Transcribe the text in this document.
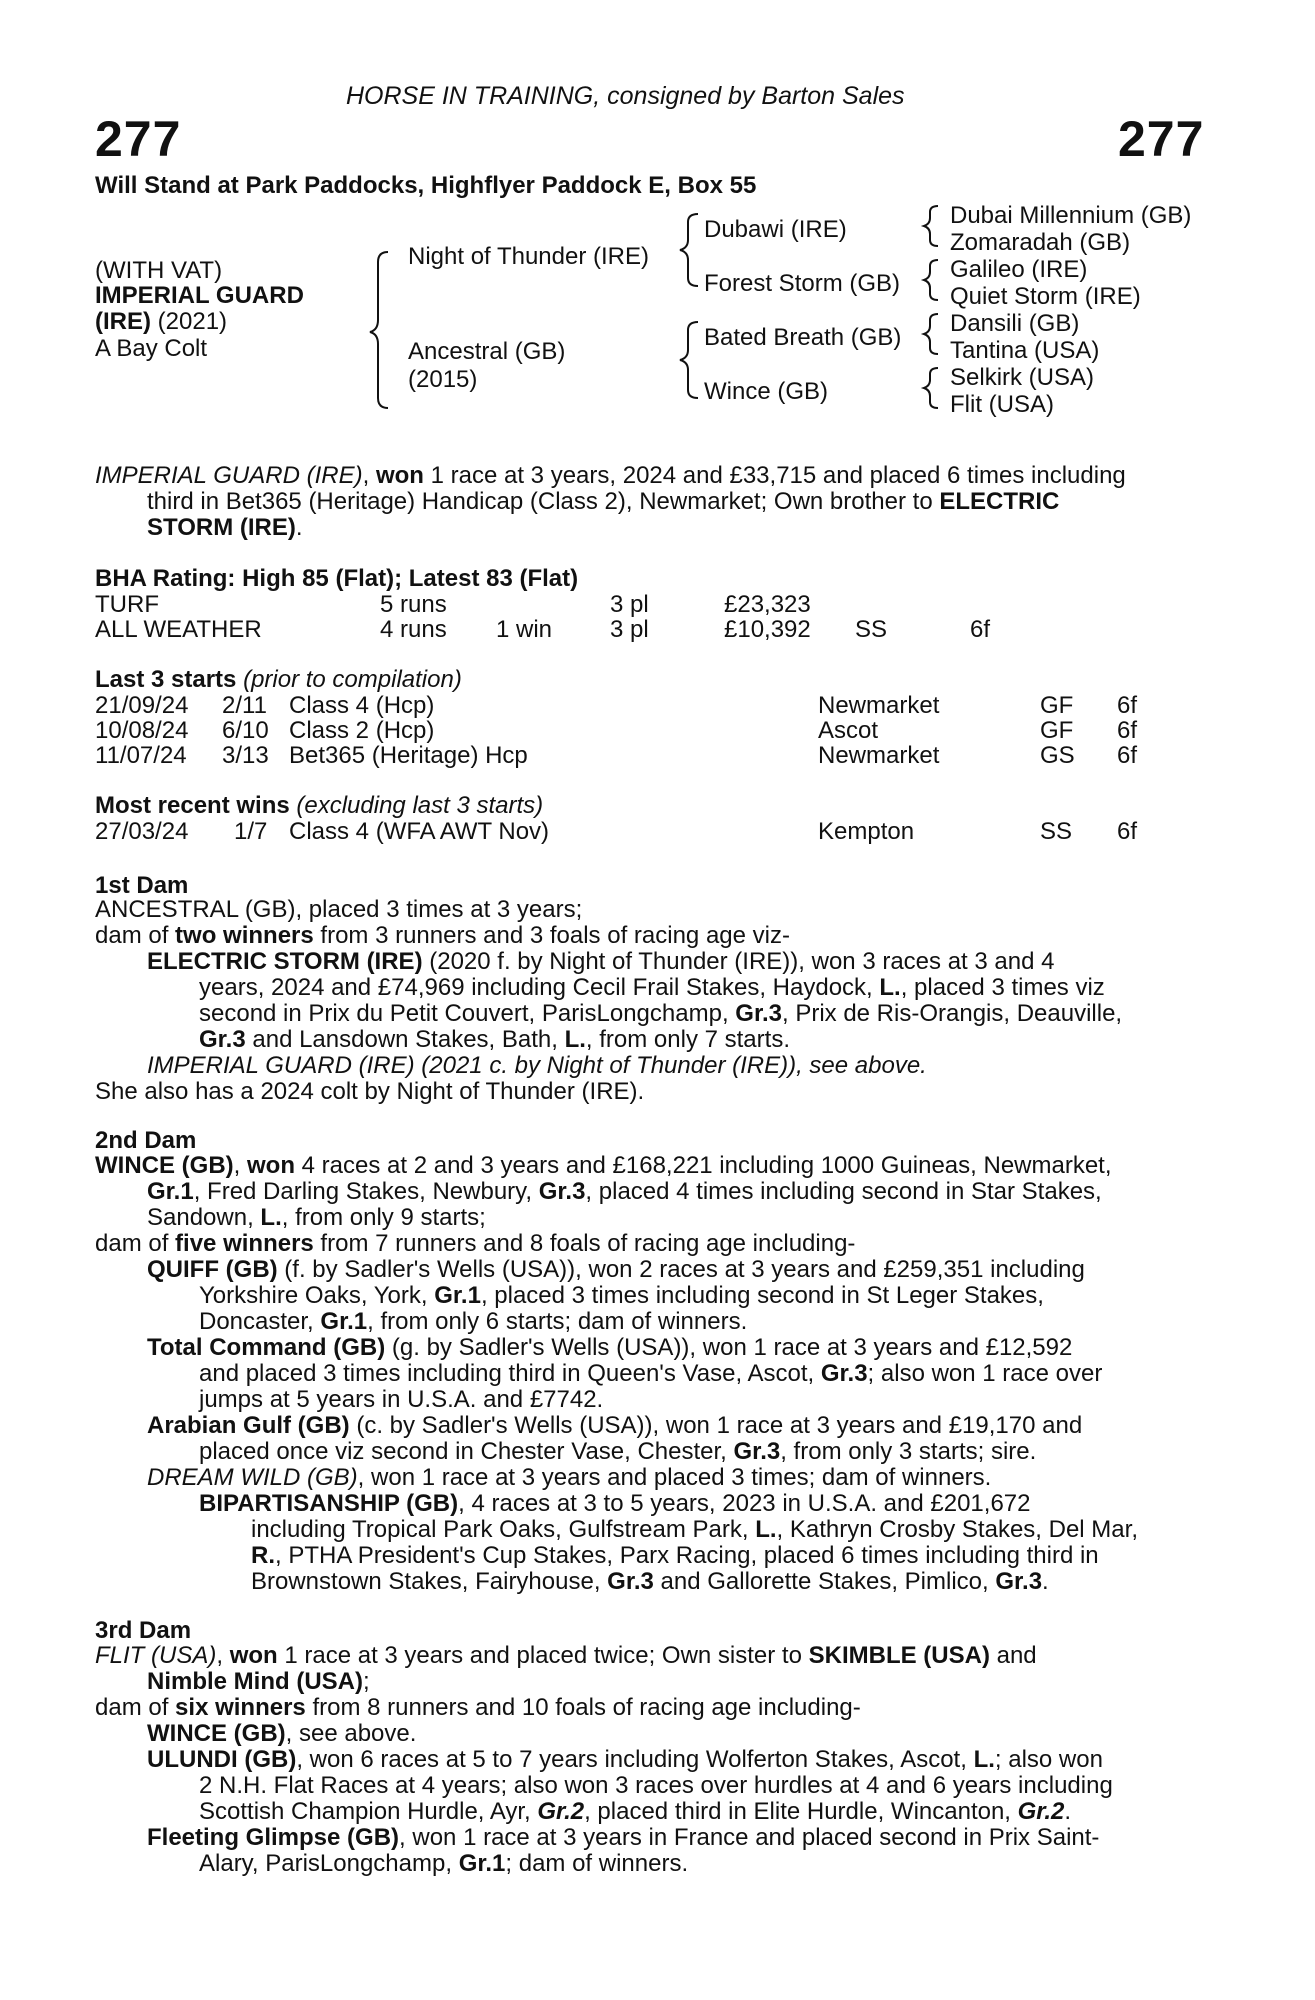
HORSE IN TRAINING, consigned by Barton Sales
277	277
Will Stand at Park Paddocks, Highflyer Paddock E, Box 55
(WITH VAT)
IMPERIAL GUARD
(IRE) (2021)
A Bay Colt
Night of Thunder (IRE)
Ancestral (GB)
(2015)
Dubawi (IRE)
Forest Storm (GB)
Bated Breath (GB)
Wince (GB)
Dubai Millennium (GB)
Zomaradah (GB)
Galileo (IRE)
Quiet Storm (IRE)
Dansili (GB)
Tantina (USA)
Selkirk (USA)
Flit (USA)
IMPERIAL GUARD (IRE), won 1 race at 3 years, 2024 and £33,715 and placed 6 times including
third in Bet365 (Heritage) Handicap (Class 2), Newmarket; Own brother to ELECTRIC
STORM (IRE).
BHA Rating: High 85 (Flat); Latest 83 (Flat)
TURF	5 runs	3 pl	£23,323
ALL WEATHER	4 runs 1 win 3 pl	£10,392 SS	6f
Last 3 starts (prior to compilation)
21/09/24 2/11 Class 4 (Hcp)	Newmarket	GF 6f
10/08/24 6/10 Class 2 (Hcp)	Ascot	GF 6f
11/07/24 3/13 Bet365 (Heritage) Hcp	Newmarket	GS 6f
Most recent wins (excluding last 3 starts)
27/03/24 1/7 Class 4 (WFA AWT Nov)	Kempton	SS 6f
1st Dam
ANCESTRAL (GB), placed 3 times at 3 years;
dam of two winners from 3 runners and 3 foals of racing age viz-
ELECTRIC STORM (IRE) (2020 f. by Night of Thunder (IRE)), won 3 races at 3 and 4
years, 2024 and £74,969 including Cecil Frail Stakes, Haydock, L., placed 3 times viz
second in Prix du Petit Couvert, ParisLongchamp, Gr.3, Prix de Ris-Orangis, Deauville,
Gr.3 and Lansdown Stakes, Bath, L., from only 7 starts.
IMPERIAL GUARD (IRE) (2021 c. by Night of Thunder (IRE)), see above.
She also has a 2024 colt by Night of Thunder (IRE).
2nd Dam
WINCE (GB), won 4 races at 2 and 3 years and £168,221 including 1000 Guineas, Newmarket,
Gr.1, Fred Darling Stakes, Newbury, Gr.3, placed 4 times including second in Star Stakes,
Sandown, L., from only 9 starts;
dam of five winners from 7 runners and 8 foals of racing age including-
QUIFF (GB) (f. by Sadler's Wells (USA)), won 2 races at 3 years and £259,351 including
Yorkshire Oaks, York, Gr.1, placed 3 times including second in St Leger Stakes,
Doncaster, Gr.1, from only 6 starts; dam of winners.
Total Command (GB) (g. by Sadler's Wells (USA)), won 1 race at 3 years and £12,592
and placed 3 times including third in Queen's Vase, Ascot, Gr.3; also won 1 race over
jumps at 5 years in U.S.A. and £7742.
Arabian Gulf (GB) (c. by Sadler's Wells (USA)), won 1 race at 3 years and £19,170 and
placed once viz second in Chester Vase, Chester, Gr.3, from only 3 starts; sire.
DREAM WILD (GB), won 1 race at 3 years and placed 3 times; dam of winners.
BIPARTISANSHIP (GB), 4 races at 3 to 5 years, 2023 in U.S.A. and £201,672
including Tropical Park Oaks, Gulfstream Park, L., Kathryn Crosby Stakes, Del Mar,
R., PTHA President's Cup Stakes, Parx Racing, placed 6 times including third in
Brownstown Stakes, Fairyhouse, Gr.3 and Gallorette Stakes, Pimlico, Gr.3.
3rd Dam
FLIT (USA), won 1 race at 3 years and placed twice; Own sister to SKIMBLE (USA) and
Nimble Mind (USA);
dam of six winners from 8 runners and 10 foals of racing age including-
WINCE (GB), see above.
ULUNDI (GB), won 6 races at 5 to 7 years including Wolferton Stakes, Ascot, L.; also won
2 N.H. Flat Races at 4 years; also won 3 races over hurdles at 4 and 6 years including
Scottish Champion Hurdle, Ayr, Gr.2, placed third in Elite Hurdle, Wincanton, Gr.2.
Fleeting Glimpse (GB), won 1 race at 3 years in France and placed second in Prix Saint-
Alary, ParisLongchamp, Gr.1; dam of winners.
